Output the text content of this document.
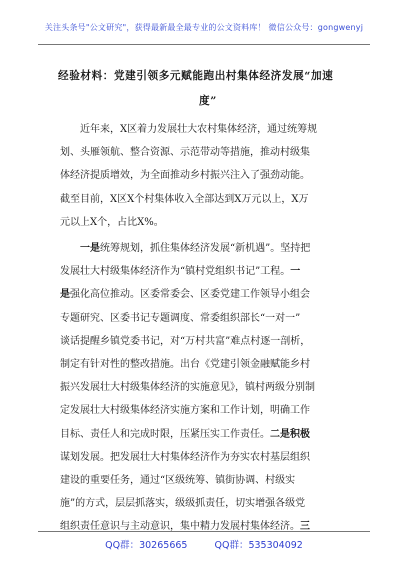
关注头条号"公文研究"，获得最新最全最专业的公文资料库！ 微信公众号：gongwenyj
经验材料：党建引领多元赋能跑出村集体经济发展“加速
度”
近年来，X区着力发展壮大农村集体经济，通过统筹规
划、头雁领航、整合资源、示范带动等措施，推动村级集
体经济提质增效，为全面推动乡村振兴注入了强劲动能。
截至目前，X区X个村集体收入全部达到X万元以上，X万
元以上X个，占比X%。
一是统筹规划，抓住集体经济发展“新机遇”。坚持把
发展壮大村级集体经济作为“镇村党组织书记”工程。一
是强化高位推动。区委常委会、区委党建工作领导小组会
专题研究、区委书记专题调度、常委组织部长“一对一”
谈话提醒乡镇党委书记，对“万村共富”难点村逐一剖析，
制定有针对性的整改措施。出台《党建引领金融赋能乡村
振兴发展壮大村级集体经济的实施意见》，镇村两级分别制
定发展壮大村级集体经济实施方案和工作计划，明确工作
目标、责任人和完成时限，压紧压实工作责任。二是积极
谋划发展。把发展壮大村集体经济作为夯实农村基层组织
建设的重要任务，通过“区级统筹、镇街协调、村级实
施”的方式，层层抓落实，级级抓责任，切实增强各级党
组织责任意识与主动意识，集中精力发展村集体经济。三
QQ群：30265665	QQ群：535304092
